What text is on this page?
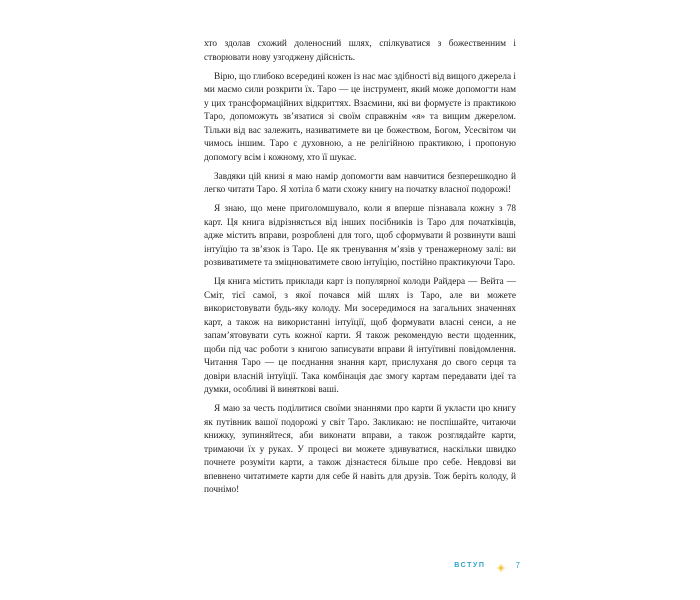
хто здолав схожий доленосний шлях, спілкуватися з божественним і створювати нову узгоджену дійсність.

Вірю, що глибоко всередині кожен із нас має здібності від вищого джерела і ми маємо сили розкрити їх. Таро — це інструмент, який може допомогти нам у цих трансформаційних відкриттях. Взаємини, які ви формуєте із практикою Таро, допоможуть зв’язатися зі своїм справжнім «я» та вищим джерелом. Тільки від вас залежить, називатимете ви це божеством, Богом, Усесвітом чи чимось іншим. Таро є духовною, а не релігійною практикою, і пропоную допомогу всім і кожному, хто її шукає.

Завдяки цій книзі я маю намір допомогти вам навчитися безперешкодно й легко читати Таро. Я хотіла б мати схожу книгу на початку власної подорожі!

Я знаю, що мене приголомшувало, коли я вперше пізнавала кожну з 78 карт. Ця книга відрізняється від інших посібників із Таро для початківців, адже містить вправи, розроблені для того, щоб сформувати й розвинути ваші інтуїцію та зв’язок із Таро. Це як тренування м’язів у тренажерному залі: ви розвиватимете та зміцнюватимете свою інтуїцію, постійно практикуючи Таро.

Ця книга містить приклади карт із популярної колоди Райдера — Вейта — Сміт, тієї самої, з якої почався мій шлях із Таро, але ви можете використовувати будь-яку колоду. Ми зосередимося на загальних значеннях карт, а також на використанні інтуїції, щоб формувати власні сенси, а не запам’ятовувати суть кожної карти. Я також рекомендую вести щоденник, щоби під час роботи з книгою записувати вправи й інтуїтивні повідомлення. Читання Таро — це поєднання знання карт, прислуханя до свого серця та довіри власній інтуїції. Така комбінація дає змогу картам передавати ідеї та думки, особливі й виняткові ваші.

Я маю за честь поділитися своїми знаннями про карти й укласти цю книгу як путівник вашої подорожі у світ Таро. Закликаю: не поспішайте, читаючи книжку, зупиняйтеся, аби виконати вправи, а також розглядайте карти, тримаючи їх у руках. У процесі ви можете здивуватися, наскільки швидко почнете розуміти карти, а також дізнаєтеся більше про себе. Невдовзі ви впевнено читатимете карти для себе й навіть для друзів. Тож беріть колоду, й почнімо!

ВСТУП	7
